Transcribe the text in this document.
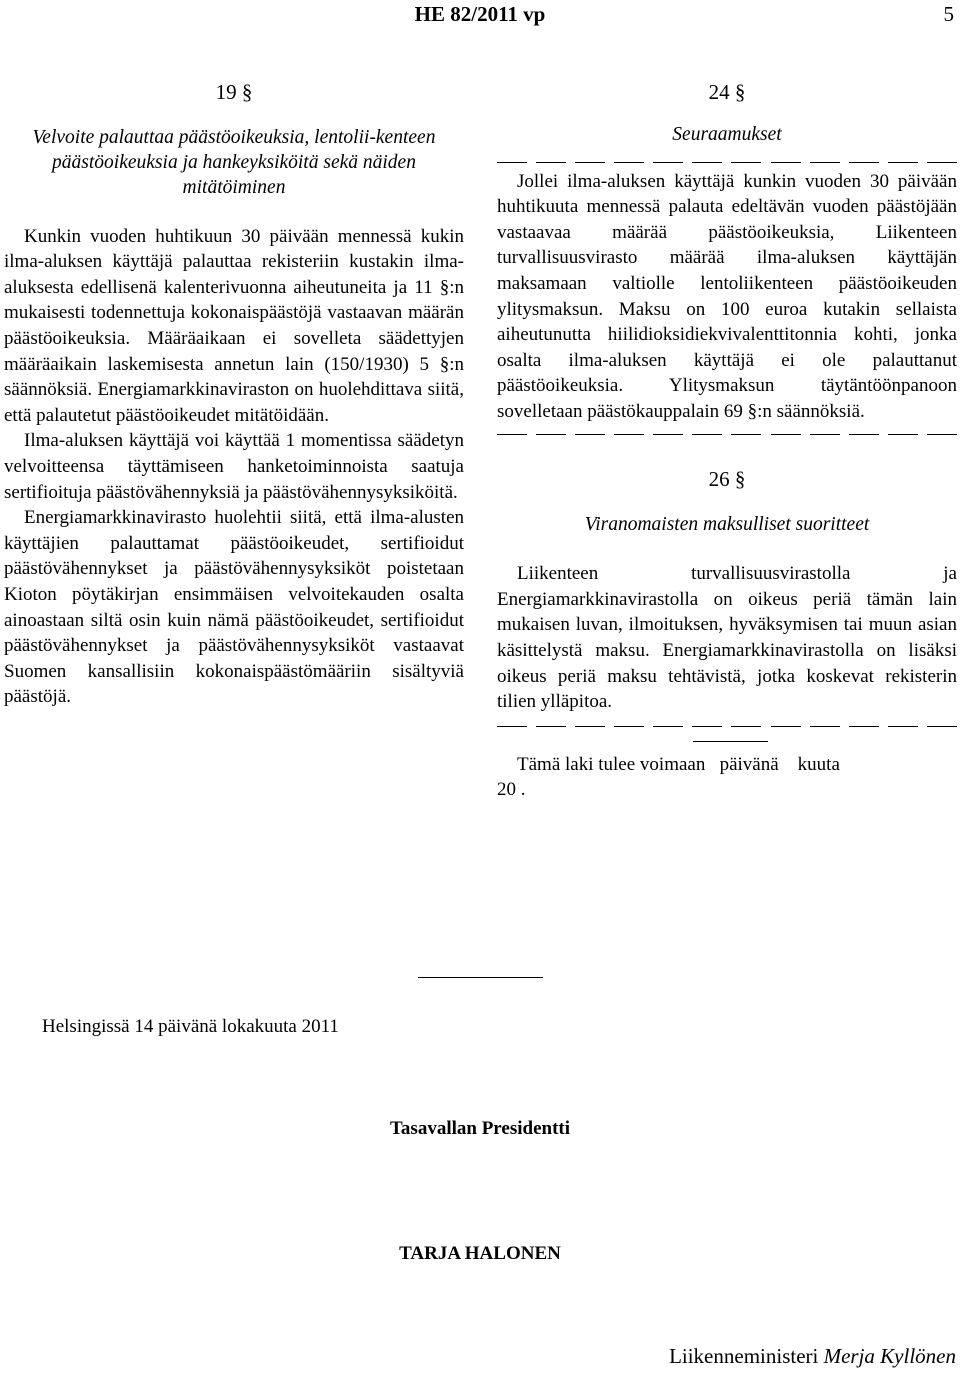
HE 82/2011 vp	5
19 §

Velvoite palauttaa päästöoikeuksia, lentolii-kenteen päästöoikeuksia ja hankeyksiköitä sekä näiden mitätöiminen

Kunkin vuoden huhtikuun 30 päivään mennessä kukin ilma-aluksen käyttäjä palauttaa rekisteriin kustakin ilma-aluksesta edellisenä kalenterivuonna aiheutuneita ja 11 §:n mukaisesti todennettuja kokonaispäästöjä vastaavan määrän päästöoikeuksia. Määräaikaan ei sovelleta säädettyjen määräaikain laskemisesta annetun lain (150/1930) 5 §:n säännöksiä. Energiamarkkinaviraston on huolehdittava siitä, että palautetut päästöoikeudet mitätöidään.

Ilma-aluksen käyttäjä voi käyttää 1 momentissa säädetyn velvoitteensa täyttämiseen hanketoiminnoista saatuja sertifioituja päästövähennyksiä ja päästövähennysyksiköitä.

Energiamarkkinavirasto huolehtii siitä, että ilma-alusten käyttäjien palauttamat päästöoikeudet, sertifioidut päästövähennykset ja päästövähennysyksiköt poistetaan Kioton pöytäkirjan ensimmäisen velvoitekauden osalta ainoastaan siltä osin kuin nämä päästöoikeudet, sertifioidut päästövähennykset ja päästövähennysyksiköt vastaavat Suomen kansallisiin kokonaispäästömääriin sisältyviä päästöjä.

24 §

Seuraamukset

Jollei ilma-aluksen käyttäjä kunkin vuoden 30 päivään huhtikuuta mennessä palauta edeltävän vuoden päästöjään vastaavaa määrää päästöoikeuksia, Liikenteen turvallisuusvirasto määrää ilma-aluksen käyttäjän maksamaan valtiolle lentoliikenteen päästöoikeuden ylitysmaksun. Maksu on 100 euroa kutakin sellaista aiheutunutta hiilidioksidiekvivalenttitonnia kohti, jonka osalta ilma-aluksen käyttäjä ei ole palauttanut päästöoikeuksia. Ylitysmaksun täytäntöönpanoon sovelletaan päästökauppalain 69 §:n säännöksiä.

26 §

Viranomaisten maksulliset suoritteet

Liikenteen turvallisuusvirastolla ja Energiamarkkinavirastolla on oikeus periä tämän lain mukaisen luvan, ilmoituksen, hyväksymisen tai muun asian käsittelystä maksu. Energiamarkkinavirastolla on lisäksi oikeus periä maksu tehtävistä, jotka koskevat rekisterin tilien ylläpitoa.

Tämä laki tulee voimaan   päivänä    kuuta
20 .

Helsingissä 14 päivänä lokakuuta 2011
Tasavallan Presidentti
TARJA HALONEN
Liikenneministeri Merja Kyllönen
